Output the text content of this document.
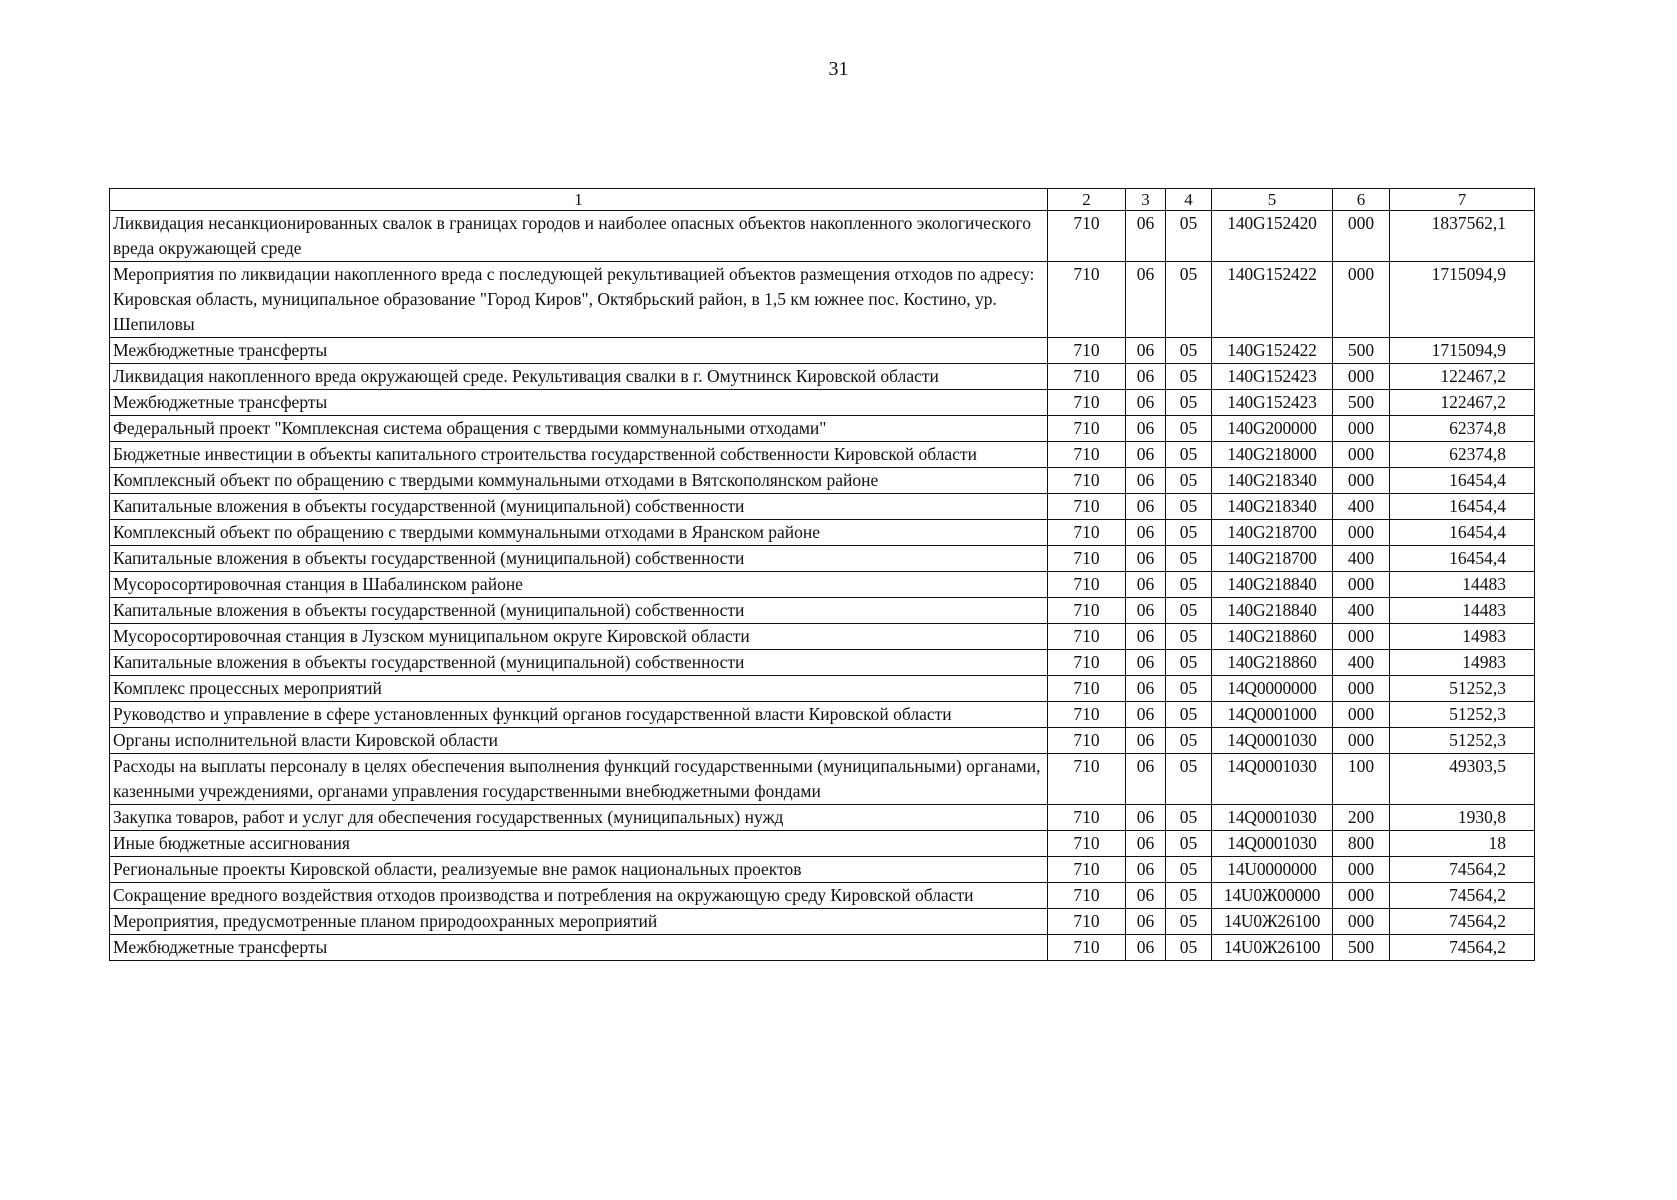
31
1	2	3	4	5	6	7
Ликвидация несанкционированных свалок в границах городов и наиболее опасных объектов накопленного экологического вреда окружающей среде	710	06	05	140G152420	000	1837562,1
Мероприятия по ликвидации накопленного вреда с последующей рекультивацией объектов размещения отходов по адресу: Кировская область, муниципальное образование "Город Киров", Октябрьский район, в 1,5 км южнее пос. Костино, ур. Шепиловы	710	06	05	140G152422	000	1715094,9
Межбюджетные трансферты	710	06	05	140G152422	500	1715094,9
Ликвидация накопленного вреда окружающей среде. Рекультивация свалки в г. Омутнинск Кировской области	710	06	05	140G152423	000	122467,2
Межбюджетные трансферты	710	06	05	140G152423	500	122467,2
Федеральный проект "Комплексная система обращения с твердыми коммунальными отходами"	710	06	05	140G200000	000	62374,8
Бюджетные инвестиции в объекты капитального строительства государственной собственности Кировской области	710	06	05	140G218000	000	62374,8
Комплексный объект по обращению с твердыми коммунальными отходами в Вятскополянском районе	710	06	05	140G218340	000	16454,4
Капитальные вложения в объекты государственной (муниципальной) собственности	710	06	05	140G218340	400	16454,4
Комплексный объект по обращению с твердыми коммунальными отходами в Яранском районе	710	06	05	140G218700	000	16454,4
Капитальные вложения в объекты государственной (муниципальной) собственности	710	06	05	140G218700	400	16454,4
Мусоросортировочная станция в Шабалинском районе	710	06	05	140G218840	000	14483
Капитальные вложения в объекты государственной (муниципальной) собственности	710	06	05	140G218840	400	14483
Мусоросортировочная станция в Лузском муниципальном округе Кировской области	710	06	05	140G218860	000	14983
Капитальные вложения в объекты государственной (муниципальной) собственности	710	06	05	140G218860	400	14983
Комплекс процессных мероприятий	710	06	05	14Q0000000	000	51252,3
Руководство и управление в сфере установленных функций органов государственной власти Кировской области	710	06	05	14Q0001000	000	51252,3
Органы исполнительной власти Кировской области	710	06	05	14Q0001030	000	51252,3
Расходы на выплаты персоналу в целях обеспечения выполнения функций государственными (муниципальными) органами, казенными учреждениями, органами управления государственными внебюджетными фондами	710	06	05	14Q0001030	100	49303,5
Закупка товаров, работ и услуг для обеспечения государственных (муниципальных) нужд	710	06	05	14Q0001030	200	1930,8
Иные бюджетные ассигнования	710	06	05	14Q0001030	800	18
Региональные проекты Кировской области, реализуемые вне рамок национальных проектов	710	06	05	14U0000000	000	74564,2
Сокращение вредного воздействия отходов производства и потребления на окружающую среду Кировской области	710	06	05	14U0Ж00000	000	74564,2
Мероприятия, предусмотренные планом природоохранных мероприятий	710	06	05	14U0Ж26100	000	74564,2
Межбюджетные трансферты	710	06	05	14U0Ж26100	500	74564,2
